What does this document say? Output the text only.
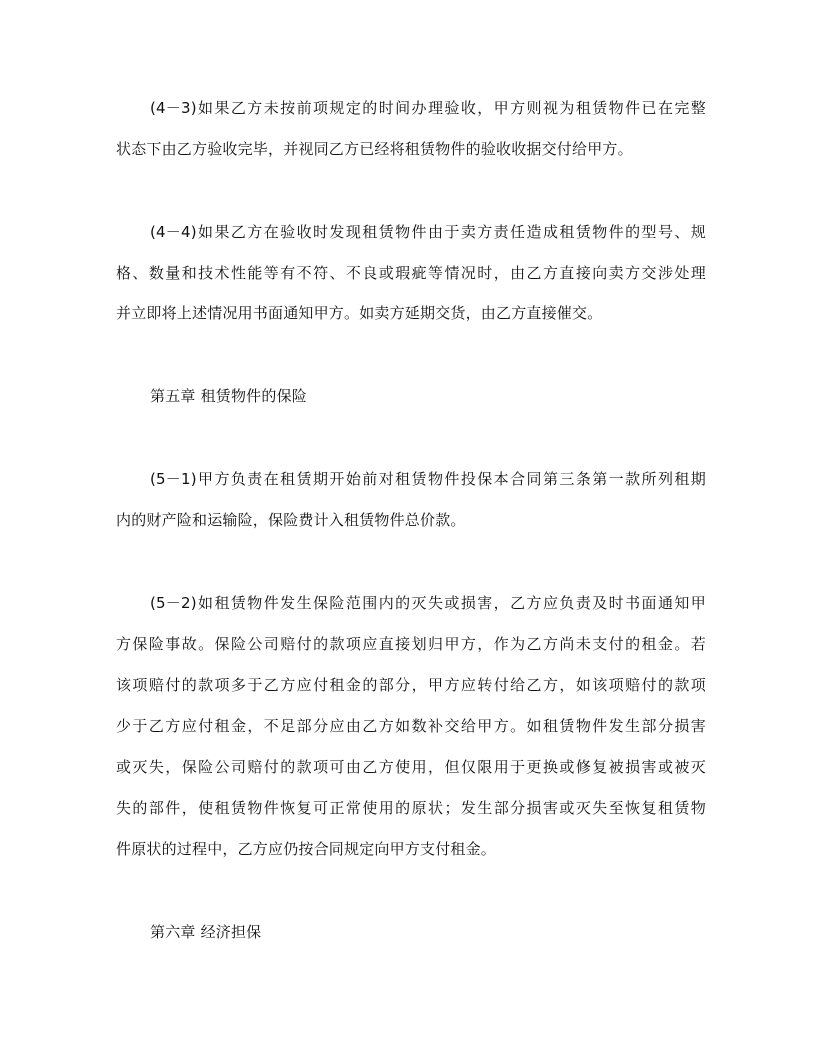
(4－3)如果乙方未按前项规定的时间办理验收，甲方则视为租赁物件已在完整
状态下由乙方验收完毕，并视同乙方已经将租赁物件的验收收据交付给甲方。
(4－4)如果乙方在验收时发现租赁物件由于卖方责任造成租赁物件的型号、规
格、数量和技术性能等有不符、不良或瑕疵等情况时，由乙方直接向卖方交涉处理
并立即将上述情况用书面通知甲方。如卖方延期交货，由乙方直接催交。
第五章 租赁物件的保险
(5－1)甲方负责在租赁期开始前对租赁物件投保本合同第三条第一款所列租期
内的财产险和运输险，保险费计入租赁物件总价款。
(5－2)如租赁物件发生保险范围内的灭失或损害，乙方应负责及时书面通知甲
方保险事故。保险公司赔付的款项应直接划归甲方，作为乙方尚未支付的租金。若
该项赔付的款项多于乙方应付租金的部分，甲方应转付给乙方，如该项赔付的款项
少于乙方应付租金，不足部分应由乙方如数补交给甲方。如租赁物件发生部分损害
或灭失，保险公司赔付的款项可由乙方使用，但仅限用于更换或修复被损害或被灭
失的部件，使租赁物件恢复可正常使用的原状；发生部分损害或灭失至恢复租赁物
件原状的过程中，乙方应仍按合同规定向甲方支付租金。
第六章 经济担保
